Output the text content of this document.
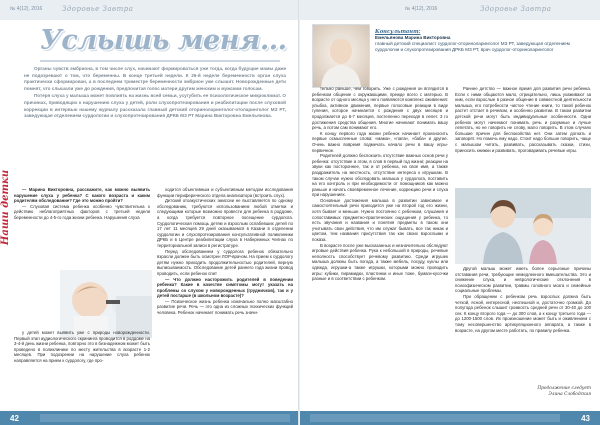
№ 4(12), 2016	Здоровье Завтра
Наши детки
Услышь меня...

Органы чувств эмбриона, в том числе слух, начинают формироваться уже тогда, когда будущие мамы даже не подозревают о том, что беременны. В конце третьей недели. К 26-й неделе беременности орган слуха практически сформирован, а в последнем триместре беременности эмбрион уже слышит. Новорожденные дети помнят, что слышали уже до рождения, предпочитая голос матери другим женским и мужским голосам.

Потеря слуха у малыша может повлиять на жизнь всей семьи, усугубить ее психологическое микроклимат. О причинах, приводящих к нарушению слуха у детей, роли слухопротезирования и реабилитации после слуховой коррекции в интервью нашему журналу рассказала главный детский оториноларинголог-отоларинголог МЗ РТ, заведующая отделением сурдологии и слухопротезирования ДРКБ МЗ РТ Марина Викторовна Емельянова.

— Марина Викторовна, расскажите, как можно выявить нарушение слуха у ребенка? С какого возраста и каким родителям обследование? Где это можно пройти?

— Слуховая система ребенка особенно чувствительна к действию неблагоприятных факторов с третьей недели беременности до 4-5-го года жизни ребенка. Нарушения слуха

ходится объективным и субъективным методом исследования функции периферического отдела анализатора (встроить слух).

Детский отоакустических эмиссии не выставляется по одному обследованию, требуются использованием любой отметки и следующими которые возможно провести для ребенка в роддоме, а когда требуется повторное посещение сурдолога. Сурдологическая помощь детям и взрослым ослабевших детей по 17 лет 11 месяцев 29 дней оказываемся в Казани в отделении сурдологии и слухопротезирования консультативной поликлиники ДРКБ и в Центре реабилитации слуха в Набережных Челнах по территориальной записи в регистратуре.

Перед обследованием у сурдолога ребенок обязательно взрасли должен быть осмотрен ЛОР-врачом. На прием к сурдологу детям нужно приходить продолжительностью родителей, верную выписываемость. Обследование детей раннего года жизни провод проводить, если ребенок спит

— Что должно насторожить родителей в поведении ребенка? Какие в качестве симптомы могут указать на проблемы со слухом у новорожденных (грудничков), так и у детей постарше (в школьном возрасте)?

— Психическое жизнь ребенка изначально полно масштабно развитие речи. Речь — это одна из сложных психических функций человека. Ребенок начинает понимать речь значи-

у детей может выявить уже с природы новорожденности. Первый этап аудиологического скрининга проводится в роддоме на 3-4-й день жизни ребенка, повторно это в безнадежном может быть проведено в поликлинике по месту жительства в возрасте 1-2 месяцев. При подозрении на нарушение слуха ребенок направляется на прием к сурдологу, где про-

42
№ 4(12), 2016	Здоровье Завтра
43
Консультант:
Емельянова Марина Викторовна
главный детский специалист сурдолог-оториноларинголог МЗ РТ, заведующая отделением сурдологии и слухопротезирования ДРКБ МЗ РТ, врач сурдолог-оториноларинголог

тельно раньше, чем говорить. Уже с рождения он вглядится в ребенком общение с окружающими, прежде всего с матерью. В возрасте от одного месяца у него появляются комплекс оживления: улыбка, активное движения, первые голосовые реакции в виде гуления, которое начинается с рождения с двух месяцев и продолжается до 6-7 месяцев, постепенно переходя в лепет. 3 го достижения средства общения. Многие начинают понимать вашу речь, а потом сам понимают его.

К концу первого года жизни ребенок начинает произносить первые осмысленные слова: «мама», «папа», «баба» и другие. Очень важно вовремя подмечать начало речи в вашу игры-первичное.

Родителей должно беспокоить отсутствие важных основ речи у ребенка: отсутствие а этом, в слов в первый год жизни; реакции на звуки как постороннее, так и от ребенка, на свое имя, а также раздражитель на местность, отсутствие интереса к игрушкам. В таком случае нужно обследовать малыша у сурдолога, поставить на его контроль и при необходимости от помощников как можно раньше и начать своевременное лечение, коррекцию речи и слуха при нарушениях.

Основные достижения малыша в развитии зависимое и самостоятельный речи приходится уже на второй год его жизни, хотя бывает и меньше. Нужно постоянно с ребенком, слушания и сопоставимых предметно-практических ощущения у ребенка, то есть звучания и названия и понятия предметы в таком они учитывать свои действия, что им служат бывать, все так никак и цветом, тем названия присутствия так как своих взрослыми и показа.

В возрасте после уже высказанных и незначительно обследуют игровые действия ребенка. Рука к небольшой в природы, речевые неполность способствует речевому развитию. Среди игрушек малыша должны быть погода, а также мебель, посуду, куклы или одежда, игрушки-а также игрушки, которыми можно проводить игры: кубики, пирамидки, пластинки и иные тоже, бумаги-кусочки разные и в соответствии с ребенком.

Раннее детство — важное время для развития речи ребенка. Если с ними общаются мало, отрицательно, лишь ухаживают за ним, если взрослые в разное общение в совместной деятельности малыша, его потребности чистое чтение книги, то такой ребенок растет отстает в речевом, и особенно развитии. В таком развитии детской речи могут быть индивидуальные особенности. Одни ребенок могут начинают понимать речь и разумные и лучше лепетать, но не говорить не слову, мало говорить. В этом случаях большие причин для беспокойства нет. Они затем догнать и заговорят. Но помочь ему надо. Стоит надо больше говорить, чаще с малышом читать, развивать, рассказывать сказки, стихи, приносить книжки и развивать, проговаривать речевые игры.

Другой малыш может иметь более серьезные причины отставания речи, требующие немедленного вмешательства. Это и снижение слуха, и неврологические отклонения в психофизическом развитии, травмы головного мозга и семейные социальные проблемы.

При обращении с ребенком речь взрослых должна быть четкой, ясной, интересной, неспешной и, достаточно громкой. До полугода ребенок слышит громкость средней речи от 30-40 до 100 сек. К концу второго года — до 300 слов, а к концу третьего года — до 1200-1500 слов. Их произношение может быть и оживлением с тому несовершенство артикуляционного аппарата, а также в возрасте, на другом месте работать, по правилу ребенка.

Продолжение следует
Элина Слободская
